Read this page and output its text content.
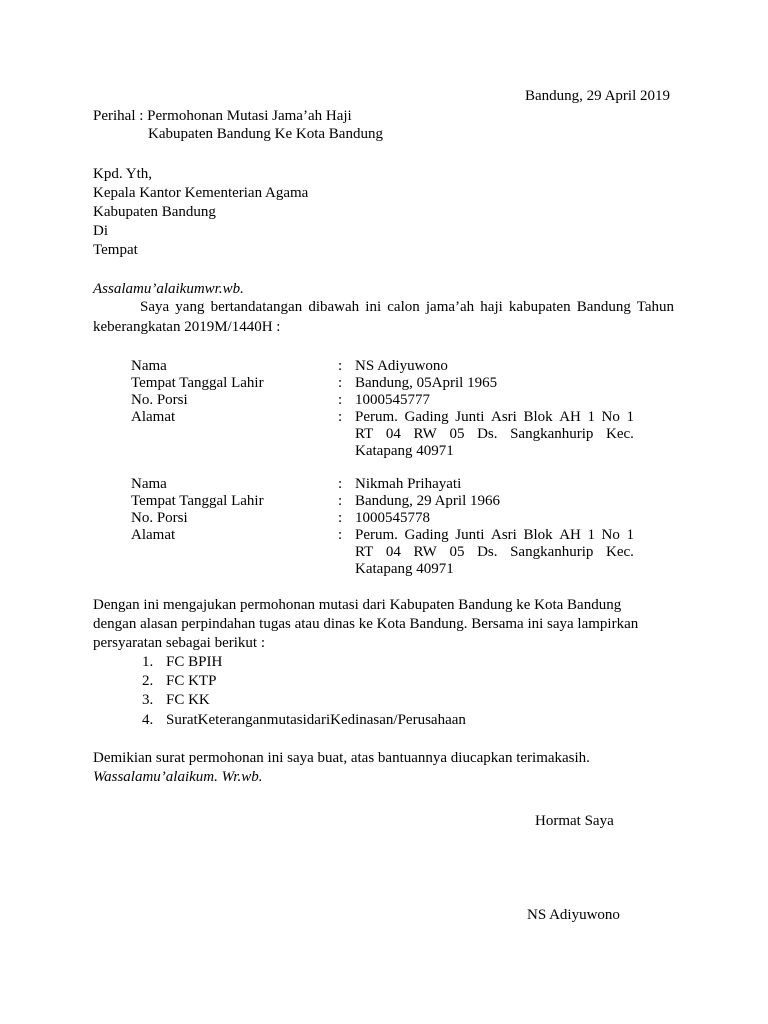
Bandung, 29 April 2019
Perihal : Permohonan Mutasi Jama’ah Haji
Kabupaten Bandung Ke Kota Bandung
Kpd. Yth,
Kepala Kantor Kementerian Agama
Kabupaten Bandung
Di
Tempat
Assalamu’alaikumwr.wb.
Saya yang bertandatangan dibawah ini calon jama’ah haji kabupaten Bandung Tahun
keberangkatan 2019M/1440H :
Nama	: NS Adiyuwono
Tempat Tanggal Lahir	: Bandung, 05April 1965
No. Porsi	: 1000545777
Alamat	: Perum. Gading Junti Asri Blok AH 1 No 1
RT 04 RW 05 Ds. Sangkanhurip Kec.
Katapang 40971
Nama	: Nikmah Prihayati
Tempat Tanggal Lahir	: Bandung, 29 April 1966
No. Porsi	: 1000545778
Alamat	: Perum. Gading Junti Asri Blok AH 1 No 1
RT 04 RW 05 Ds. Sangkanhurip Kec.
Katapang 40971
Dengan ini mengajukan permohonan mutasi dari Kabupaten Bandung ke Kota Bandung
dengan alasan perpindahan tugas atau dinas ke Kota Bandung. Bersama ini saya lampirkan
persyaratan sebagai berikut :
1. FC BPIH
2. FC KTP
3. FC KK
4. SuratKeteranganmutasidariKedinasan/Perusahaan
Demikian surat permohonan ini saya buat, atas bantuannya diucapkan terimakasih.
Wassalamu’alaikum. Wr.wb.
Hormat Saya
NS Adiyuwono
